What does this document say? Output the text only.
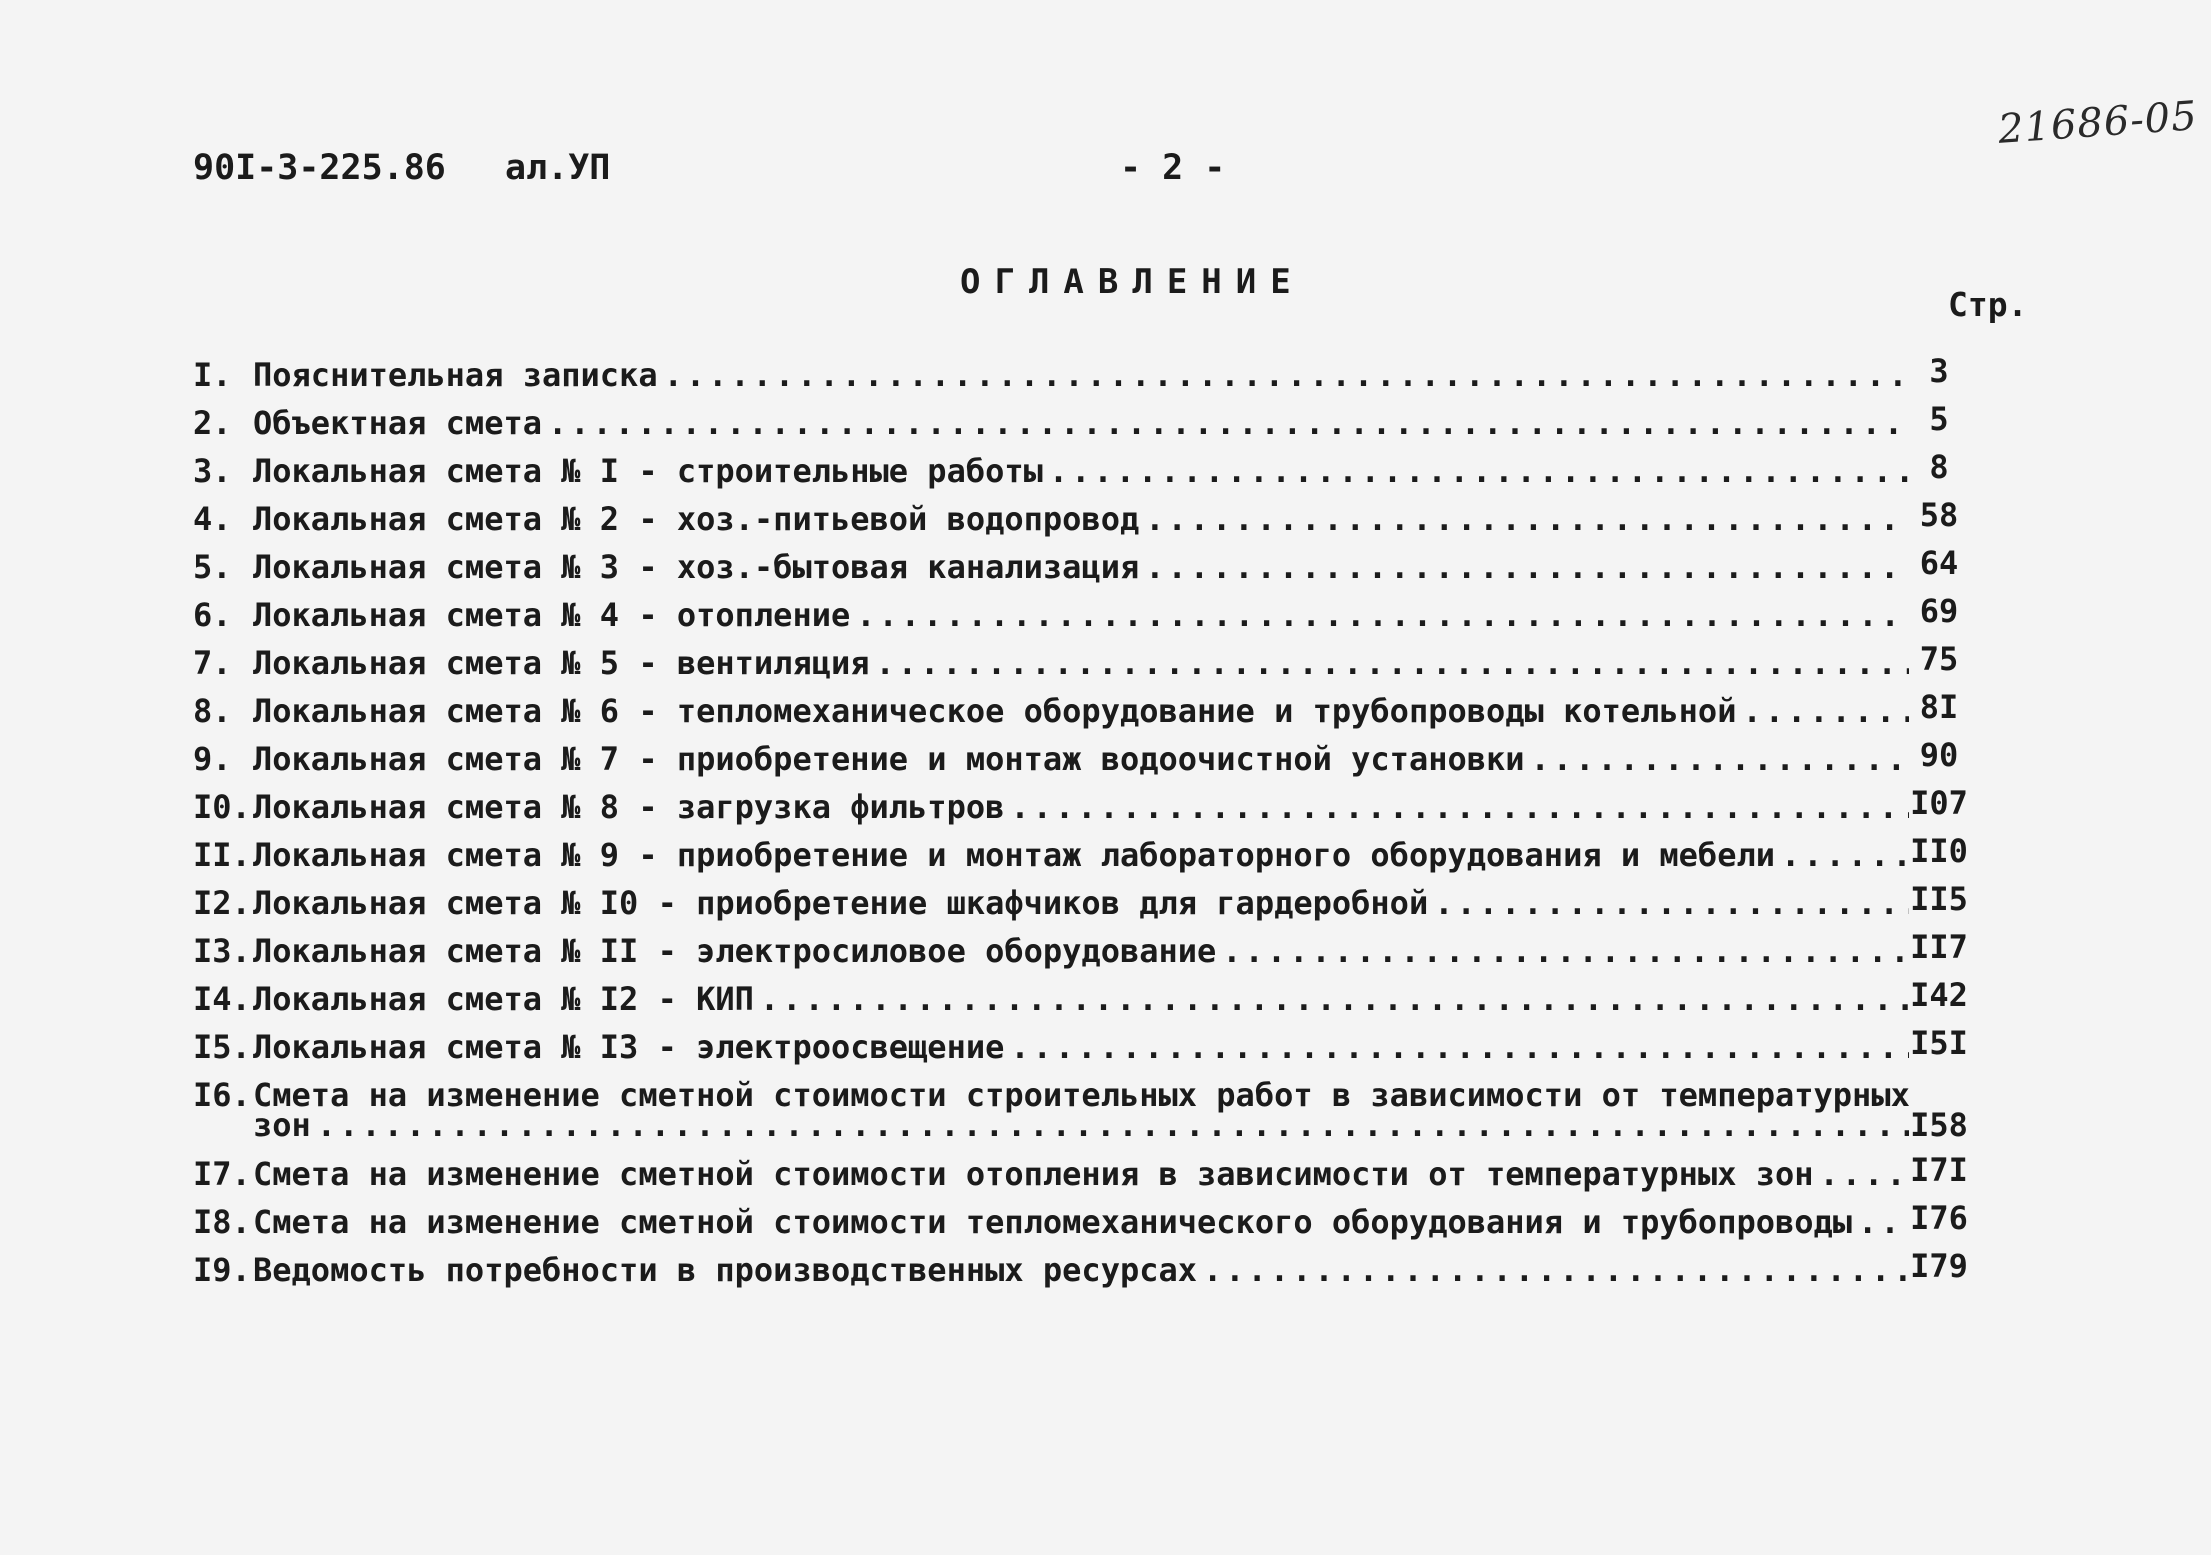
21686-05
90I-3-225.86 ал.УП	- 2 -
ОГЛАВЛЕНИЕ
Стр.
I. Пояснительная записка .....	3
2. Объектная смета .....	5
3. Локальная смета № I - строительные работы .....	8
4. Локальная смета № 2 - хоз.-питьевой водопровод .....	58
5. Локальная смета № 3 - хоз.-бытовая канализация .....	64
6. Локальная смета № 4 - отопление .....	69
7. Локальная смета № 5 - вентиляция .....	75
8. Локальная смета № 6 - тепломеханическое оборудование и трубопроводы котельной .....	8I
9. Локальная смета № 7 - приобретение и монтаж водоочистной установки .....	90
I0. Локальная смета № 8 - загрузка фильтров .....	I07
II. Локальная смета № 9 - приобретение и монтаж лабораторного оборудования и мебели .....	II0
I2. Локальная смета № I0 - приобретение шкафчиков для гардеробной .....	II5
I3. Локальная смета № II - электросиловое оборудование .....	II7
I4. Локальная смета № I2 - КИП .....	I42
I5. Локальная смета № I3 - электроосвещение .....	I5I
I6. Смета на изменение сметной стоимости строительных работ в зависимости от температурных
зон .....	I58
I7. Смета на изменение сметной стоимости отопления в зависимости от температурных зон .....	I7I
I8. Смета на изменение сметной стоимости тепломеханического оборудования и трубопроводы .....	I76
I9. Ведомость потребности в производственных ресурсах .....	I79
